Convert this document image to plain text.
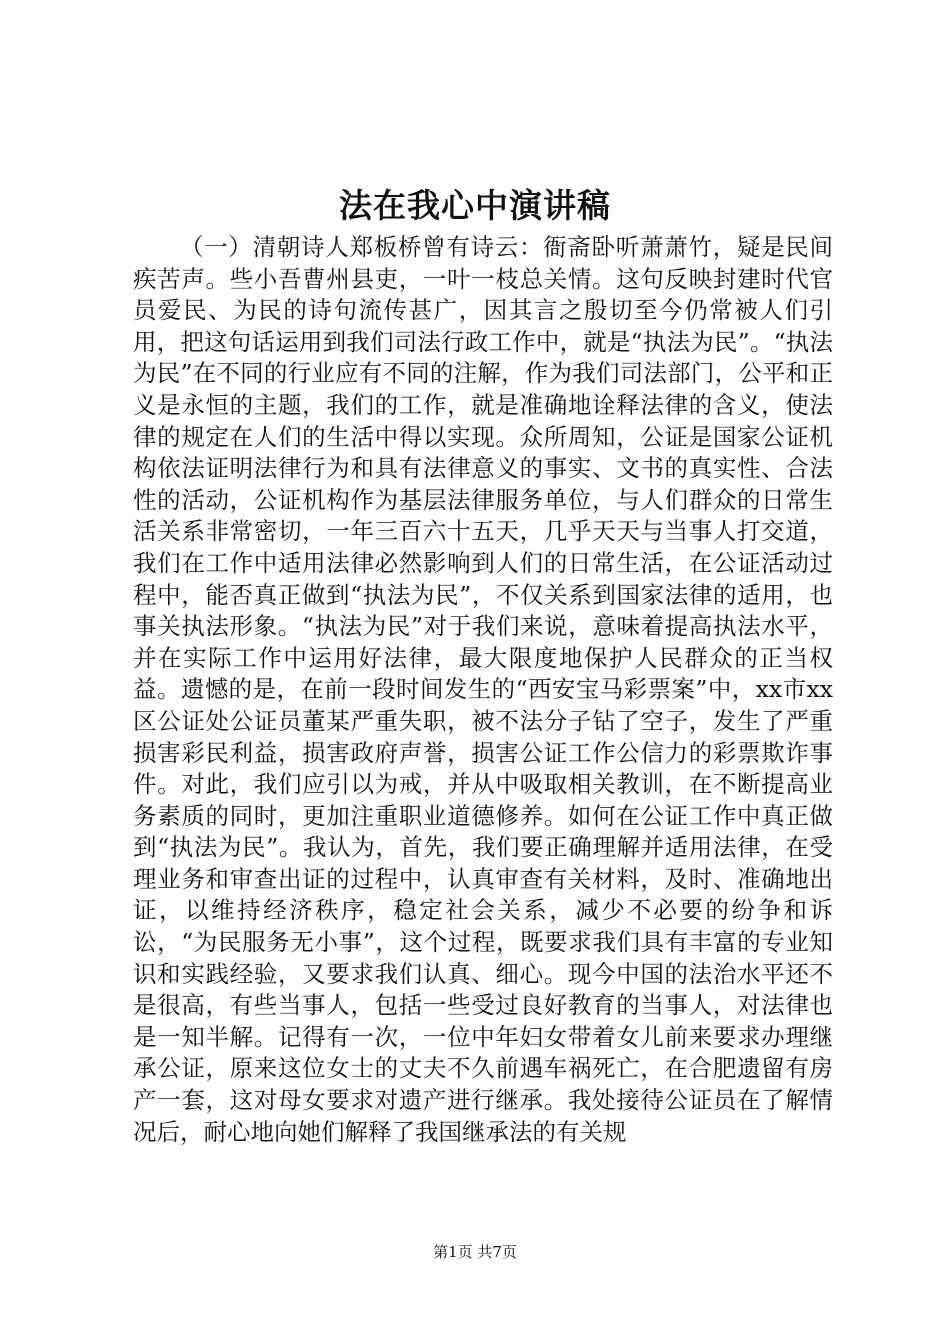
法在我心中演讲稿

（一）清朝诗人郑板桥曾有诗云：衙斋卧听萧萧竹，疑是民间疾苦声。些小吾曹州县吏，一叶一枝总关情。这句反映封建时代官员爱民、为民的诗句流传甚广，因其言之殷切至今仍常被人们引用，把这句话运用到我们司法行政工作中，就是“执法为民”。“执法为民”在不同的行业应有不同的注解，作为我们司法部门，公平和正义是永恒的主题，我们的工作，就是准确地诠释法律的含义，使法律的规定在人们的生活中得以实现。众所周知，公证是国家公证机构依法证明法律行为和具有法律意义的事实、文书的真实性、合法性的活动，公证机构作为基层法律服务单位，与人们群众的日常生活关系非常密切，一年三百六十五天，几乎天天与当事人打交道，我们在工作中适用法律必然影响到人们的日常生活，在公证活动过程中，能否真正做到“执法为民”，不仅关系到国家法律的适用，也事关执法形象。“执法为民”对于我们来说，意味着提高执法水平，并在实际工作中运用好法律，最大限度地保护人民群众的正当权益。遗憾的是，在前一段时间发生的“西安宝马彩票案”中，xx市xx区公证处公证员董某严重失职，被不法分子钻了空子，发生了严重损害彩民利益，损害政府声誉，损害公证工作公信力的彩票欺诈事件。对此，我们应引以为戒，并从中吸取相关教训，在不断提高业务素质的同时，更加注重职业道德修养。如何在公证工作中真正做到“执法为民”。我认为，首先，我们要正确理解并适用法律，在受理业务和审查出证的过程中，认真审查有关材料，及时、准确地出证，以维持经济秩序，稳定社会关系，减少不必要的纷争和诉讼，“为民服务无小事”，这个过程，既要求我们具有丰富的专业知识和实践经验，又要求我们认真、细心。现今中国的法治水平还不是很高，有些当事人，包括一些受过良好教育的当事人，对法律也是一知半解。记得有一次，一位中年妇女带着女儿前来要求办理继承公证，原来这位女士的丈夫不久前遇车祸死亡，在合肥遗留有房产一套，这对母女要求对遗产进行继承。我处接待公证员在了解情况后，耐心地向她们解释了我国继承法的有关规

第1页 共7页
